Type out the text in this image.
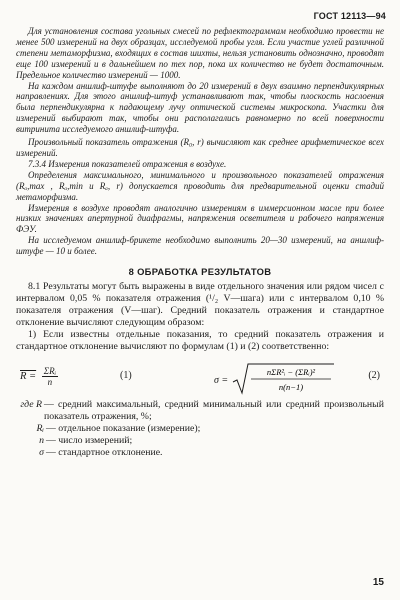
ГОСТ 12113—94

Для установления состава угольных смесей по рефлектограммам необходимо провести не менее 500 измерений на двух образцах, исследуемой пробы угля. Если участие углей различной степени метаморфизма, входящих в состав шихты, нельзя установить однозначно, проводят еще 100 измерений и в дальнейшем по тех пор, пока их количество не будет достаточным. Предельное количество измерений — 1000.

На каждом аншлиф-штуфе выполняют до 20 измерений в двух взаимно перпендикулярных направлениях. Для этого аншлиф-штуф устанавливают так, чтобы плоскость наслоения была перпендикулярна к падающему лучу оптической системы микроскопа. Участки для измерений выбирают так, чтобы они располагались равномерно по всей поверхности витринита исследуемого аншлиф-штуфа.

Произвольный показатель отражения (R₀, r) вычисляют как среднее арифметическое всех измерений.

7.3.4 Измерения показателей отражения в воздухе.

Определения максимального, минимального и произвольного показателей отражения (Rₐ,max , Rₐ,min и Rₐ, r) допускается проводить для предварительной оценки стадий метаморфизма.

Измерения в воздухе проводят аналогично измерениям в иммерсионном масле при более низких значениях апертурной диафрагмы, напряжения осветителя и рабочего напряжения ФЭУ.

На исследуемом аншлиф-брикете необходимо выполнить 20—30 измерений, на аншлиф-штуфе — 10 и более.

8 ОБРАБОТКА РЕЗУЛЬТАТОВ

8.1 Результаты могут быть выражены в виде отдельного значения или рядом чисел с интервалом 0,05 % показателя отражения (¹/₂ V—шага) или с интервалом 0,10 % показателя отражения (V—шаг). Средний показатель отражения и стандартное отклонение вычисляют следующим образом:

1) Если известны отдельные показания, то средний показатель отражения и стандартное отклонение вычисляют по формулам (1) и (2) соответственно:

$R = \frac{\text{ΣRᵢ}}{n}$	(1)	σ =
nΣR²ᵢ − (ΣRᵢ)²
n(n−1)
(2)
где R — средний максимальный, средний минимальный или средний произвольный показатель отражения, %;
Rᵢ — отдельное показание (измерение);
n — число измерений;
σ — стандартное отклонение.
15
